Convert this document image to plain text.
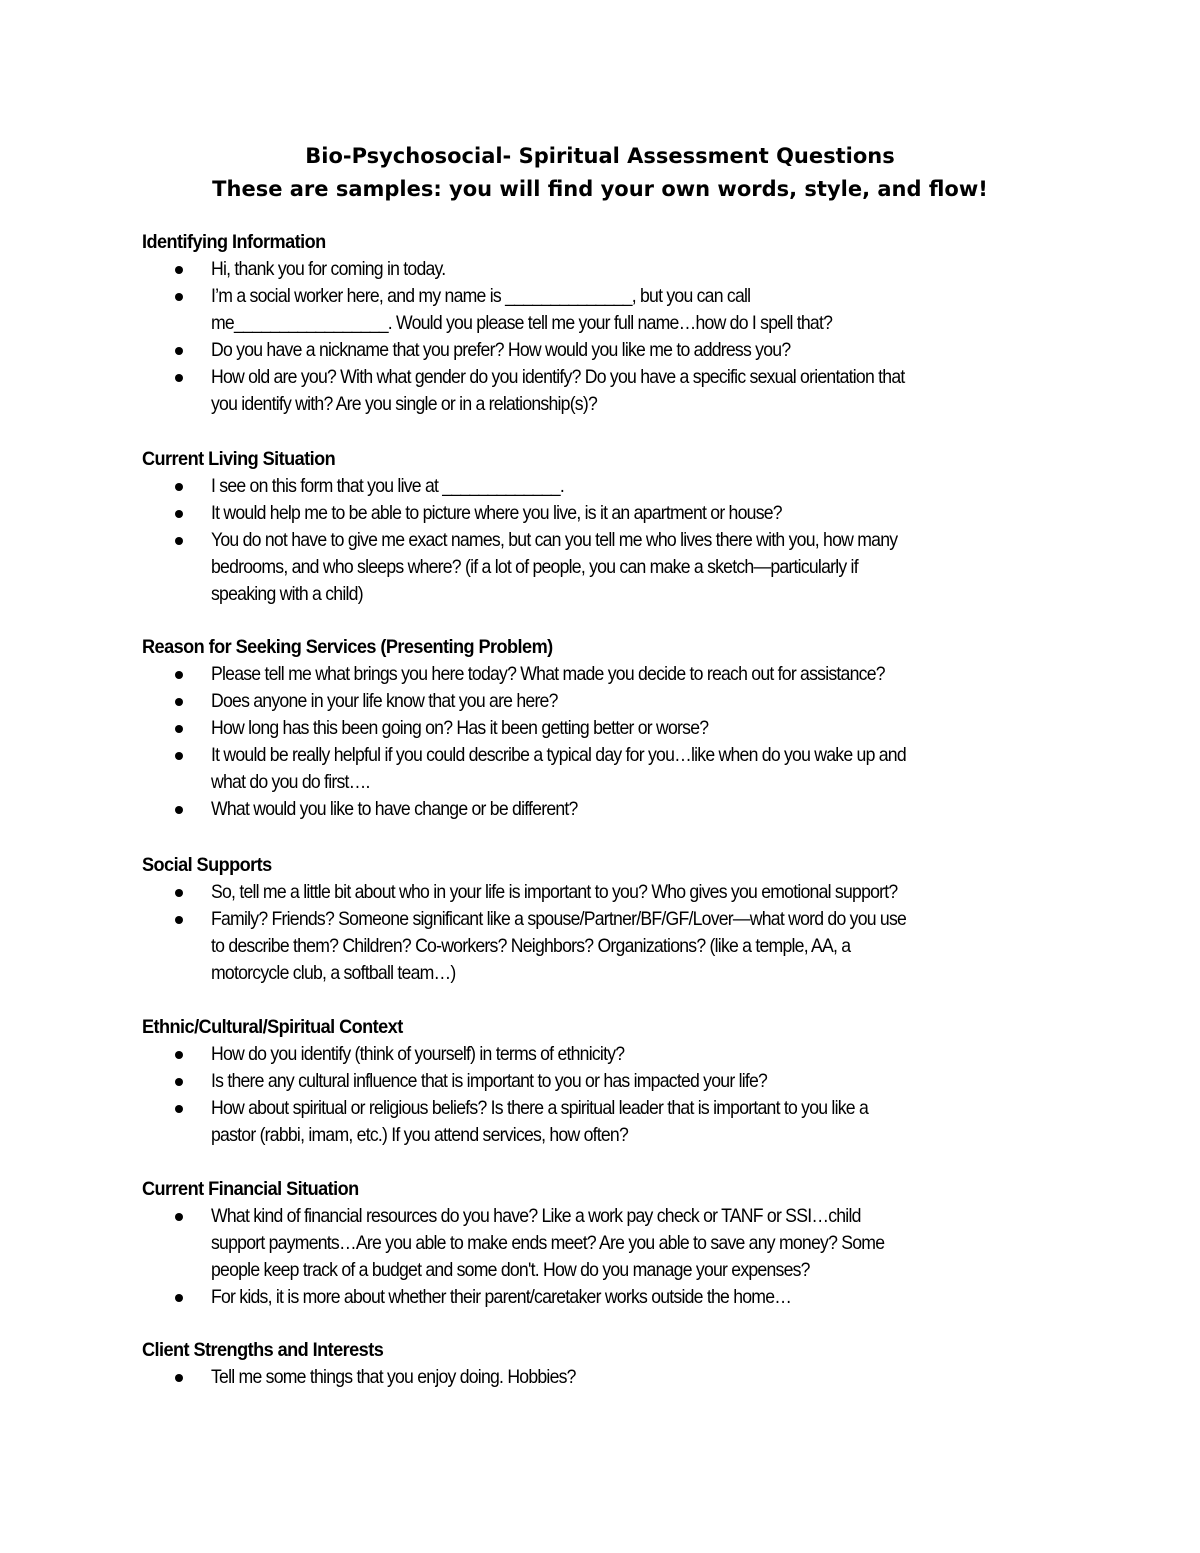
Bio-Psychosocial- Spiritual Assessment Questions
These are samples: you will find your own words, style, and flow!
Identifying Information
Hi, thank you for coming in today.
I’m a social worker here, and my name is ______________, but you can call
me_________________. Would you please tell me your full name…how do I spell that?
Do you have a nickname that you prefer? How would you like me to address you?
How old are you? With what gender do you identify? Do you have a specific sexual orientation that
you identify with? Are you single or in a relationship(s)?
Current Living Situation
I see on this form that you live at _____________.
It would help me to be able to picture where you live, is it an apartment or house?
You do not have to give me exact names, but can you tell me who lives there with you, how many
bedrooms, and who sleeps where? (if a lot of people, you can make a sketch—particularly if
speaking with a child)
Reason for Seeking Services (Presenting Problem)
Please tell me what brings you here today? What made you decide to reach out for assistance?
Does anyone in your life know that you are here?
How long has this been going on? Has it been getting better or worse?
It would be really helpful if you could describe a typical day for you…like when do you wake up and
what do you do first….
What would you like to have change or be different?
Social Supports
So, tell me a little bit about who in your life is important to you? Who gives you emotional support?
Family? Friends? Someone significant like a spouse/Partner/BF/GF/Lover—what word do you use
to describe them? Children? Co-workers? Neighbors? Organizations? (like a temple, AA, a
motorcycle club, a softball team…)
Ethnic/Cultural/Spiritual Context
How do you identify (think of yourself) in terms of ethnicity?
Is there any cultural influence that is important to you or has impacted your life?
How about spiritual or religious beliefs? Is there a spiritual leader that is important to you like a
pastor (rabbi, imam, etc.) If you attend services, how often?
Current Financial Situation
What kind of financial resources do you have? Like a work pay check or TANF or SSI…child
support payments…Are you able to make ends meet? Are you able to save any money? Some
people keep track of a budget and some don't. How do you manage your expenses?
For kids, it is more about whether their parent/caretaker works outside the home…
Client Strengths and Interests
Tell me some things that you enjoy doing. Hobbies?
